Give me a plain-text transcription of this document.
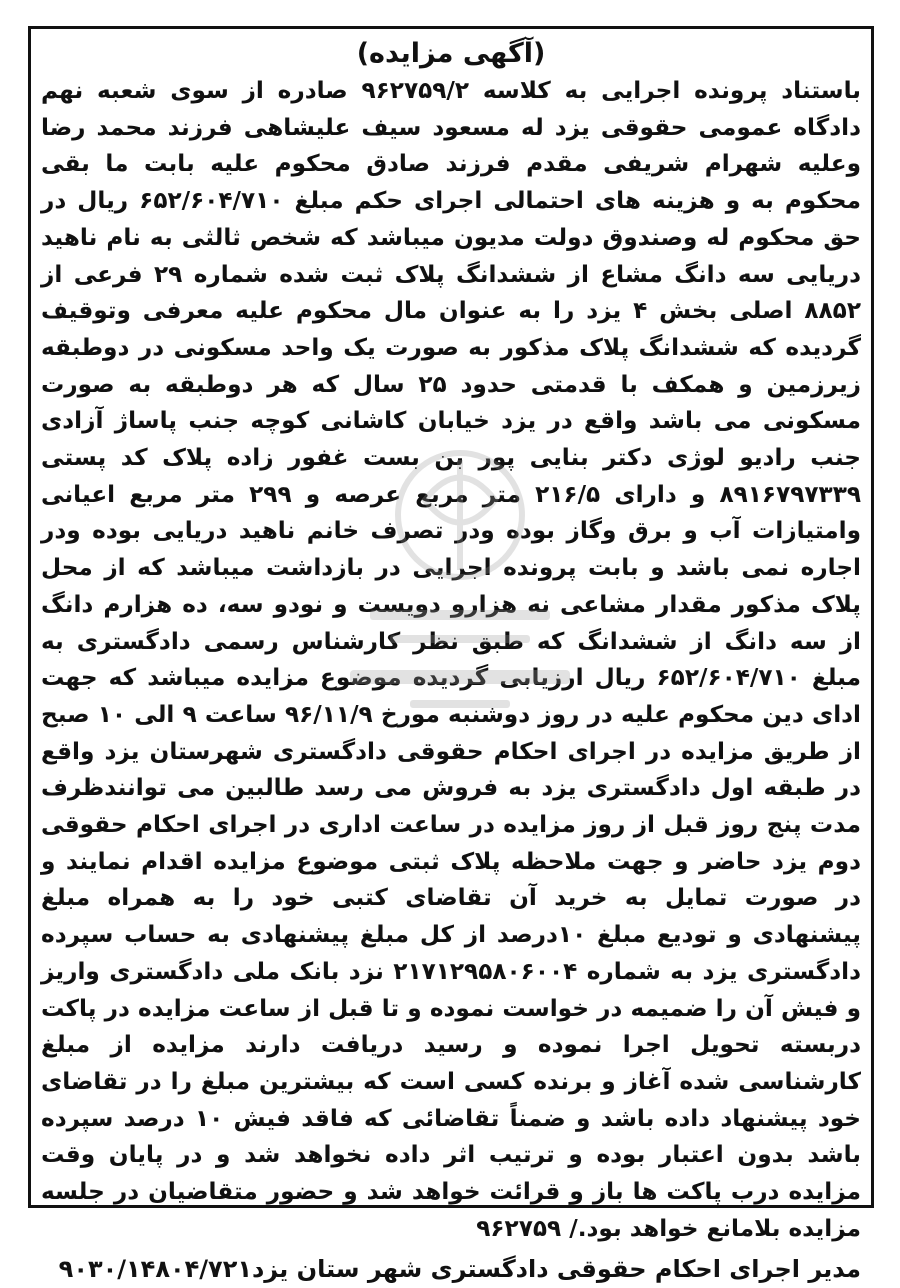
(آگهی مزایده)

باستناد پرونده اجرایی به کلاسه ۹۶۲۷۵۹/۲ صادره از سوی شعبه نهم دادگاه عمومی حقوقی یزد له مسعود سیف علیشاهی فرزند محمد رضا وعلیه شهرام شریفی مقدم فرزند صادق محکوم علیه بابت ما بقی محکوم به و هزینه های احتمالی اجرای حکم مبلغ ۶۵۲/۶۰۴/۷۱۰ ریال در حق محکوم له وصندوق دولت مدیون میباشد که شخص ثالثی به نام ناهید دریایی سه دانگ مشاع از ششدانگ پلاک ثبت شده شماره ۲۹ فرعی از ۸۸۵۲ اصلی بخش ۴ یزد را به عنوان مال محکوم علیه معرفی وتوقیف گردیده که ششدانگ پلاک مذکور به صورت یک واحد مسکونی در دوطبقه زیرزمین و همکف با قدمتی حدود ۲۵ سال که هر دوطبقه به صورت مسکونی می باشد واقع در یزد خیابان کاشانی کوچه جنب پاساژ آزادی جنب رادیو لوژی دکتر بنایی پور بن بست غفور زاده پلاک کد پستی ۸۹۱۶۷۹۷۳۳۹ و دارای ۲۱۶/۵ متر مربع عرصه و ۲۹۹ متر مربع اعیانی وامتیازات آب و برق وگاز بوده ودر تصرف خانم ناهید دریایی بوده ودر اجاره نمی باشد و بابت پرونده اجرایی در بازداشت میباشد که از محل پلاک مذکور مقدار مشاعی نه هزارو دویست و نودو سه، ده هزارم دانگ از سه دانگ از ششدانگ که طبق نظر کارشناس رسمی دادگستری به مبلغ ۶۵۲/۶۰۴/۷۱۰ ریال ارزیابی گردیده موضوع مزایده میباشد که جهت ادای دین محکوم علیه در روز دوشنبه مورخ ۹۶/۱۱/۹ ساعت ۹ الی ۱۰ صبح از طریق مزایده در اجرای احکام حقوقی دادگستری شهرستان یزد واقع در طبقه اول دادگستری یزد به فروش می رسد طالبین می توانندظرف مدت پنج روز قبل از روز مزایده در ساعت اداری در اجرای احکام حقوقی دوم یزد حاضر و جهت ملاحظه پلاک ثبتی موضوع مزایده اقدام نمایند و در صورت تمایل به خرید آن تقاضای کتبی خود را به همراه مبلغ پیشنهادی و تودیع مبلغ ۱۰درصد از کل مبلغ پیشنهادی به حساب سپرده دادگستری یزد به شماره ۲۱۷۱۲۹۵۸۰۶۰۰۴ نزد بانک ملی دادگستری واریز و فیش آن را ضمیمه در خواست نموده و تا قبل از ساعت مزایده در پاکت دربسته تحویل اجرا نموده و رسید دریافت دارند مزایده از مبلغ کارشناسی شده آغاز و برنده کسی است که بیشترین مبلغ را در تقاضای خود پیشنهاد داده باشد و ضمناً تقاضائی که فاقد فیش ۱۰ درصد سپرده باشد بدون اعتبار بوده و ترتیب اثر داده نخواهد شد و در پایان وقت مزایده درب پاکت ها باز و قرائت خواهد شد و حضور متقاضیان در جلسه مزایده بلامانع خواهد بود./ ۹۶۲۷۵۹

مدیر اجرای احکام حقوقی دادگستری شهر ستان یزد۹۰۳۰/۱۴۸۰۴/۷۲۱
